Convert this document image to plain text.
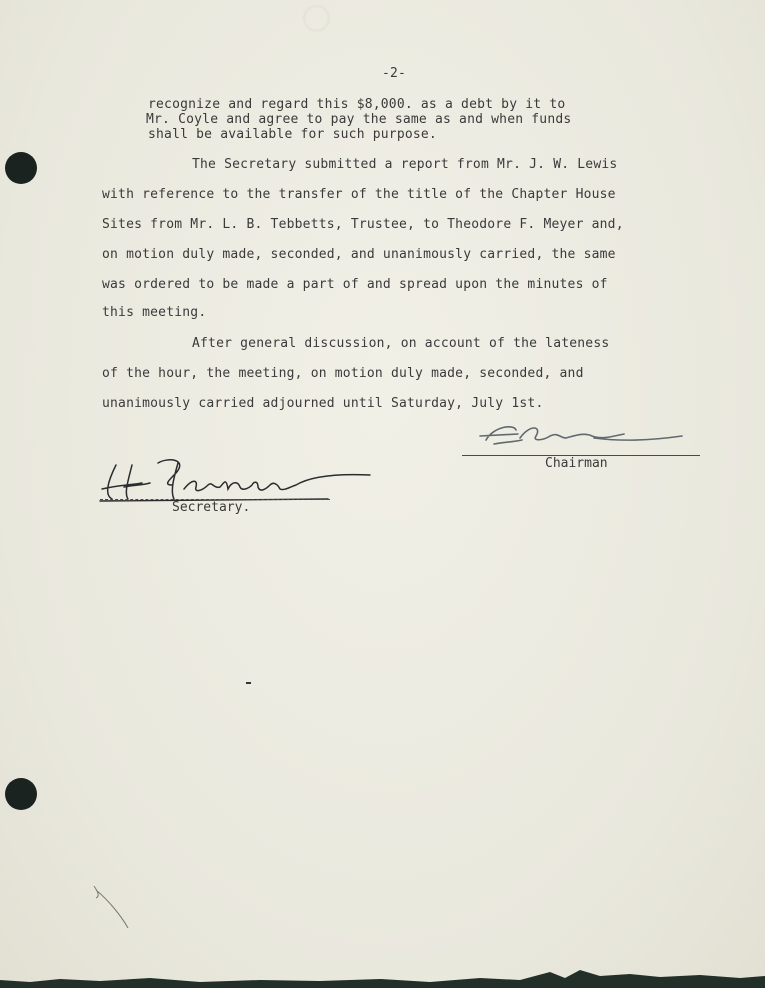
◯
-2-
recognize and regard this $8,000. as a debt by it to
Mr. Coyle and agree to pay the same as and when funds
shall be available for such purpose.
The Secretary submitted a report from Mr. J. W. Lewis
with reference to the transfer of the title of the Chapter House
Sites from Mr. L. B. Tebbetts, Trustee, to Theodore F. Meyer and,
on motion duly made, seconded, and unanimously carried, the same
was ordered to be made a part of and spread upon the minutes of
this meeting.
After general discussion, on account of the lateness
of the hour, the meeting, on motion duly made, seconded, and
unanimously carried adjourned until Saturday, July 1st.
Chairman
Secretary.
